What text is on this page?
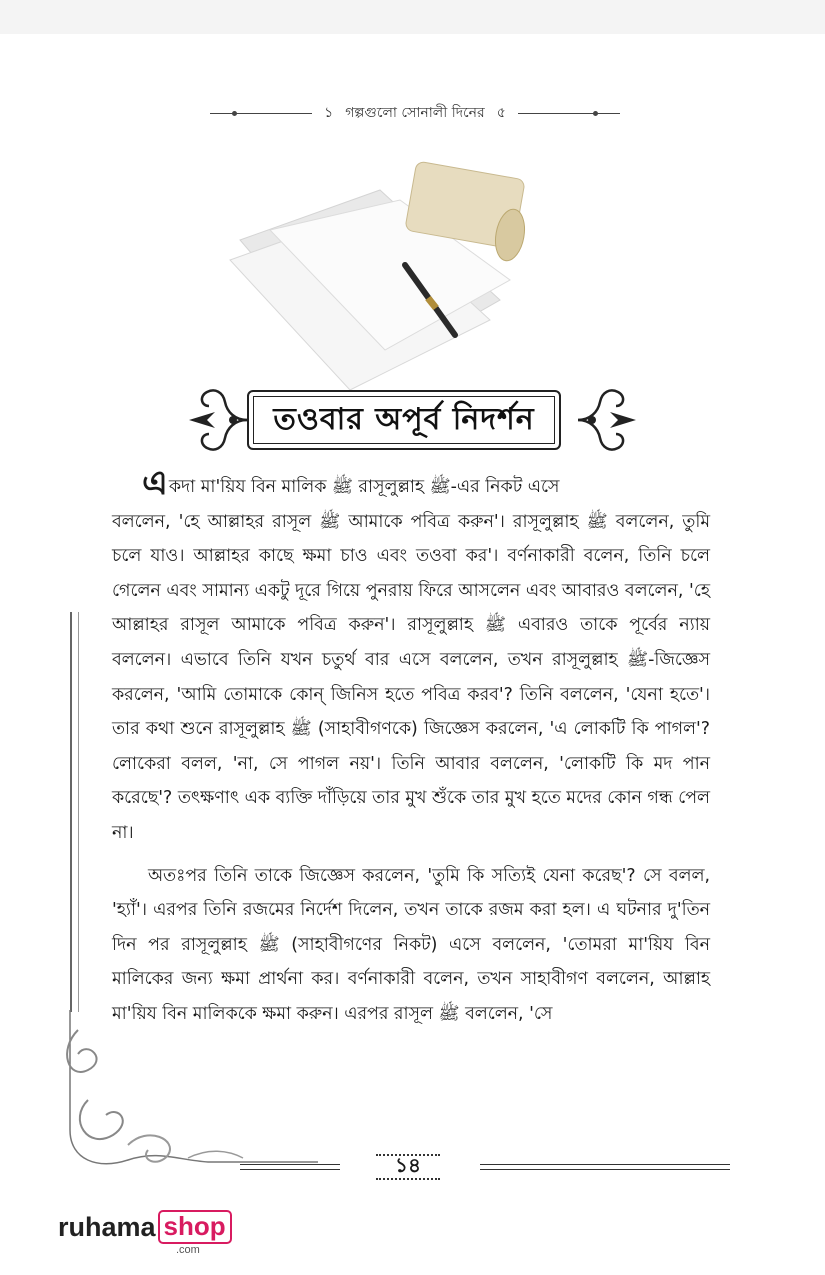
১ গল্পগুলো সোনালী দিনের ৫
তওবার অপূর্ব নিদর্শন

একদা মা'য়িয বিন মালিক ﷺ রাসূলুল্লাহ ﷺ-এর নিকট এসে
বললেন, 'হে আল্লাহর রাসূল ﷺ আমাকে পবিত্র করুন'। রাসূলুল্লাহ ﷺ বললেন, তুমি চলে যাও। আল্লাহর কাছে ক্ষমা চাও এবং তওবা কর'। বর্ণনাকারী বলেন, তিনি চলে গেলেন এবং সামান্য একটু দূরে গিয়ে পুনরায় ফিরে আসলেন এবং আবারও বললেন, 'হে আল্লাহর রাসূল আমাকে পবিত্র করুন'। রাসূলুল্লাহ ﷺ এবারও তাকে পূর্বের ন্যায় বললেন। এভাবে তিনি যখন চতুর্থ বার এসে বললেন, তখন রাসূলুল্লাহ ﷺ-জিজ্ঞেস করলেন, 'আমি তোমাকে কোন্ জিনিস হতে পবিত্র করব'? তিনি বললেন, 'যেনা হতে'। তার কথা শুনে রাসূলুল্লাহ ﷺ (সাহাবীগণকে) জিজ্ঞেস করলেন, 'এ লোকটি কি পাগল'? লোকেরা বলল, 'না, সে পাগল নয়'। তিনি আবার বললেন, 'লোকটি কি মদ পান করেছে'? তৎক্ষণাৎ এক ব্যক্তি দাঁড়িয়ে তার মুখ শুঁকে তার মুখ হতে মদের কোন গন্ধ পেল না।

অতঃপর তিনি তাকে জিজ্ঞেস করলেন, 'তুমি কি সত্যিই যেনা করেছ'? সে বলল, 'হ্যাঁ'। এরপর তিনি রজমের নির্দেশ দিলেন, তখন তাকে রজম করা হল। এ ঘটনার দু'তিন দিন পর রাসূলুল্লাহ ﷺ (সাহাবীগণের নিকট) এসে বললেন, 'তোমরা মা'য়িয বিন মালিকের জন্য ক্ষমা প্রার্থনা কর। বর্ণনাকারী বলেন, তখন সাহাবীগণ বললেন, আল্লাহ মা'য়িয বিন মালিককে ক্ষমা করুন। এরপর রাসূল ﷺ বললেন, 'সে

১৪
ruhama shop
.com
